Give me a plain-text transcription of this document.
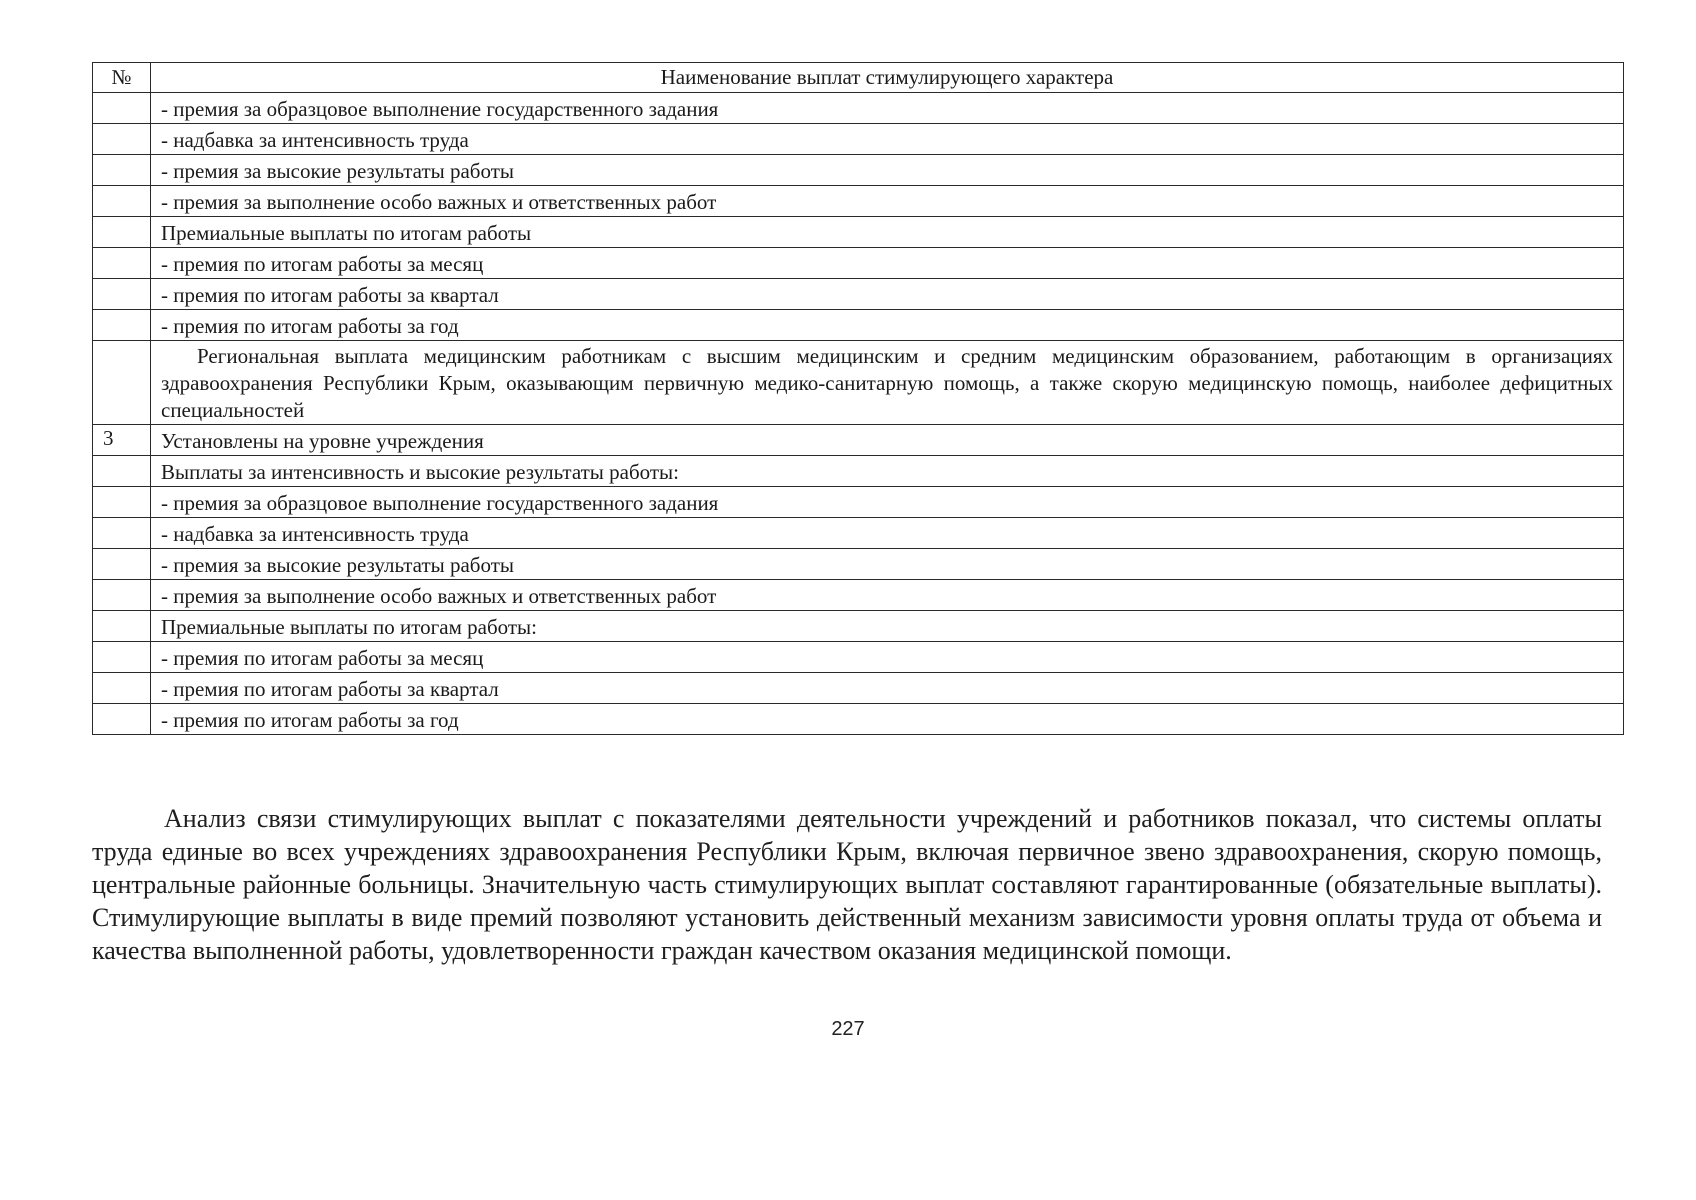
№	Наименование выплат стимулирующего характера
	- премия за образцовое выполнение государственного задания
	- надбавка за интенсивность труда
	- премия за высокие результаты работы
	- премия за выполнение особо важных и ответственных работ
	Премиальные выплаты по итогам работы
	- премия по итогам работы за месяц
	- премия по итогам работы за квартал
	- премия по итогам работы за год
	Региональная выплата медицинским работникам с высшим медицинским и средним медицинским образованием, работающим в организациях здравоохранения Республики Крым, оказывающим первичную медико-санитарную помощь, а также скорую медицинскую помощь, наиболее дефицитных специальностей
3	Установлены на уровне учреждения
	Выплаты за интенсивность и высокие результаты работы:
	- премия за образцовое выполнение государственного задания
	- надбавка за интенсивность труда
	- премия за высокие результаты работы
	- премия за выполнение особо важных и ответственных работ
	Премиальные выплаты по итогам работы:
	- премия по итогам работы за месяц
	- премия по итогам работы за квартал
	- премия по итогам работы за год

Анализ связи стимулирующих выплат с показателями деятельности учреждений и работников показал, что системы оплаты труда единые во всех учреждениях здравоохранения Республики Крым, включая первичное звено здравоохранения, скорую помощь, центральные районные больницы. Значительную часть стимулирующих выплат составляют гарантированные (обязательные выплаты). Стимулирующие выплаты в виде премий позволяют установить действенный механизм зависимости уровня оплаты труда от объема и качества выполненной работы, удовлетворенности граждан качеством оказания медицинской помощи.

227
